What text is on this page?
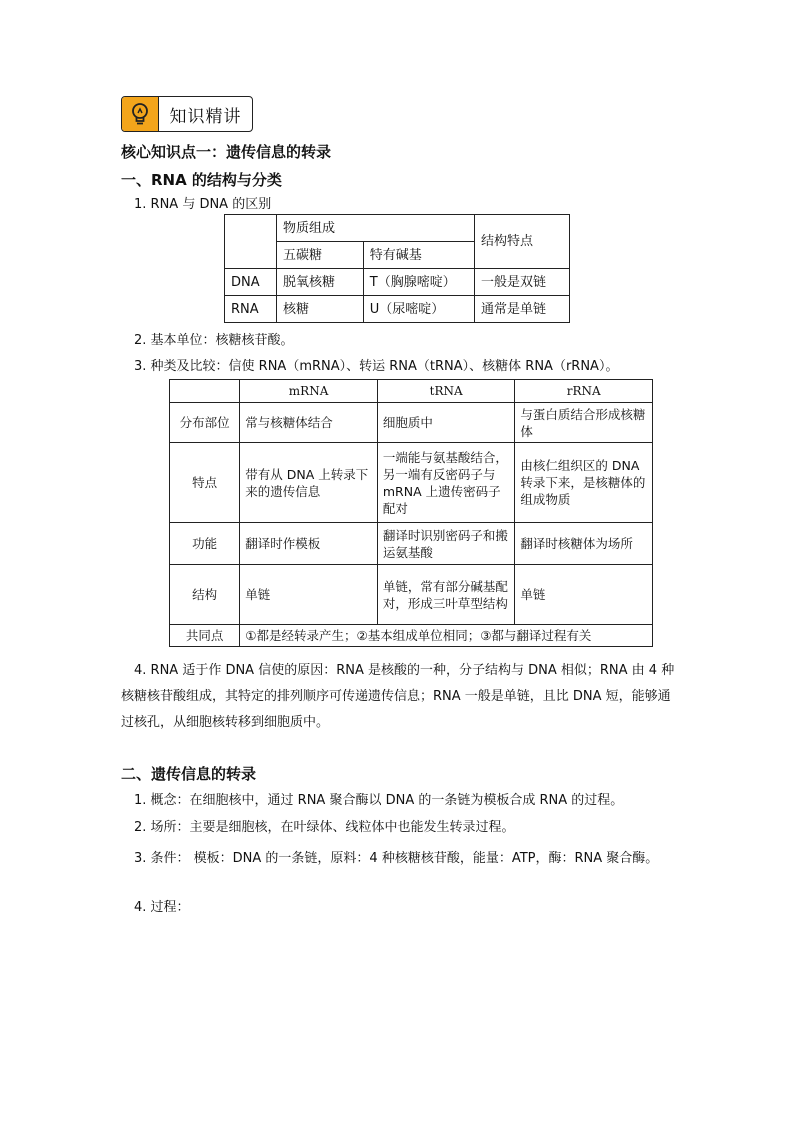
知识精讲
核心知识点一：遗传信息的转录
一、RNA 的结构与分类
1. RNA 与 DNA 的区别
	物质组成		结构特点
	五碳糖	特有碱基	
DNA	脱氧核糖	T（胸腺嘧啶）	一般是双链
RNA	核糖	U（尿嘧啶）	通常是单链
2. 基本单位：核糖核苷酸。
3. 种类及比较：信使 RNA（mRNA）、转运 RNA（tRNA）、核糖体 RNA（rRNA）。
	mRNA	tRNA	rRNA
分布部位	常与核糖体结合	细胞质中	与蛋白质结合形成核糖体
特点	带有从 DNA 上转录下来的遗传信息	一端能与氨基酸结合，另一端有反密码子与 mRNA 上遗传密码子配对	由核仁组织区的 DNA 转录下来，是核糖体的组成物质
功能	翻译时作模板	翻译时识别密码子和搬运氨基酸	翻译时核糖体为场所
结构	单链	单链，常有部分碱基配对，形成三叶草型结构	单链
共同点	①都是经转录产生；②基本组成单位相同；③都与翻译过程有关		
4. RNA 适于作 DNA 信使的原因：RNA 是核酸的一种，分子结构与 DNA 相似；RNA 由 4 种核糖核苷酸组成，其特定的排列顺序可传递遗传信息；RNA 一般是单链，且比 DNA 短，能够通过核孔，从细胞核转移到细胞质中。
二、遗传信息的转录
1. 概念：在细胞核中，通过 RNA 聚合酶以 DNA 的一条链为模板合成 RNA 的过程。
2. 场所：主要是细胞核，在叶绿体、线粒体中也能发生转录过程。
3. 条件： 模板：DNA 的一条链，原料：4 种核糖核苷酸，能量：ATP，酶：RNA 聚合酶。
4. 过程：
